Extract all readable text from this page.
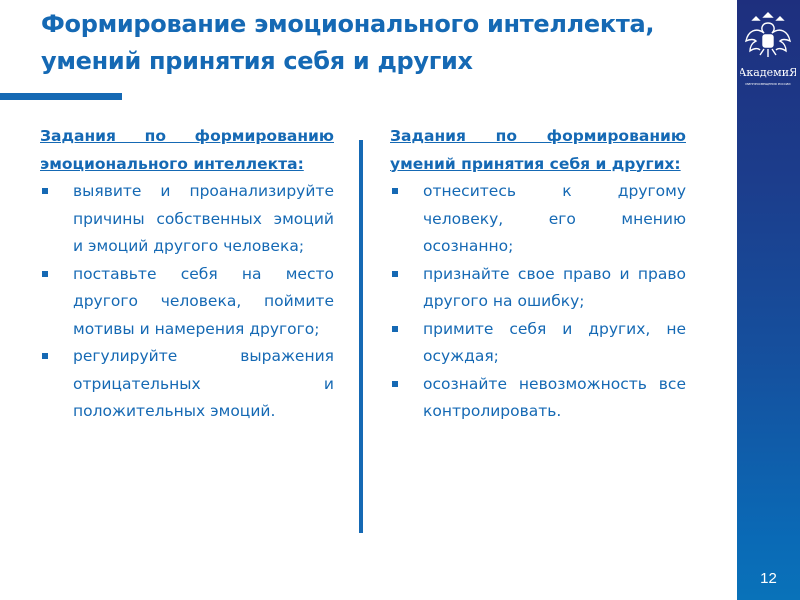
Формирование эмоционального интеллекта,
умений принятия себя и других	АкадемиЯ
МИНПРОСВЕЩЕНИЯ РОССИИ
12
Задания по формированию эмоционального интеллекта:
выявите и проанализируйте причины собственных эмоций и эмоций другого человека;
поставьте себя на место другого человека, поймите мотивы и намерения другого;
регулируйте выражения отрицательных и положительных эмоций.
Задания по формированию умений принятия себя и других:
отнеситесь к другому человеку, его мнению осознанно;
признайте свое право и право другого на ошибку;
примите себя и других, не осуждая;
осознайте невозможность все контролировать.
